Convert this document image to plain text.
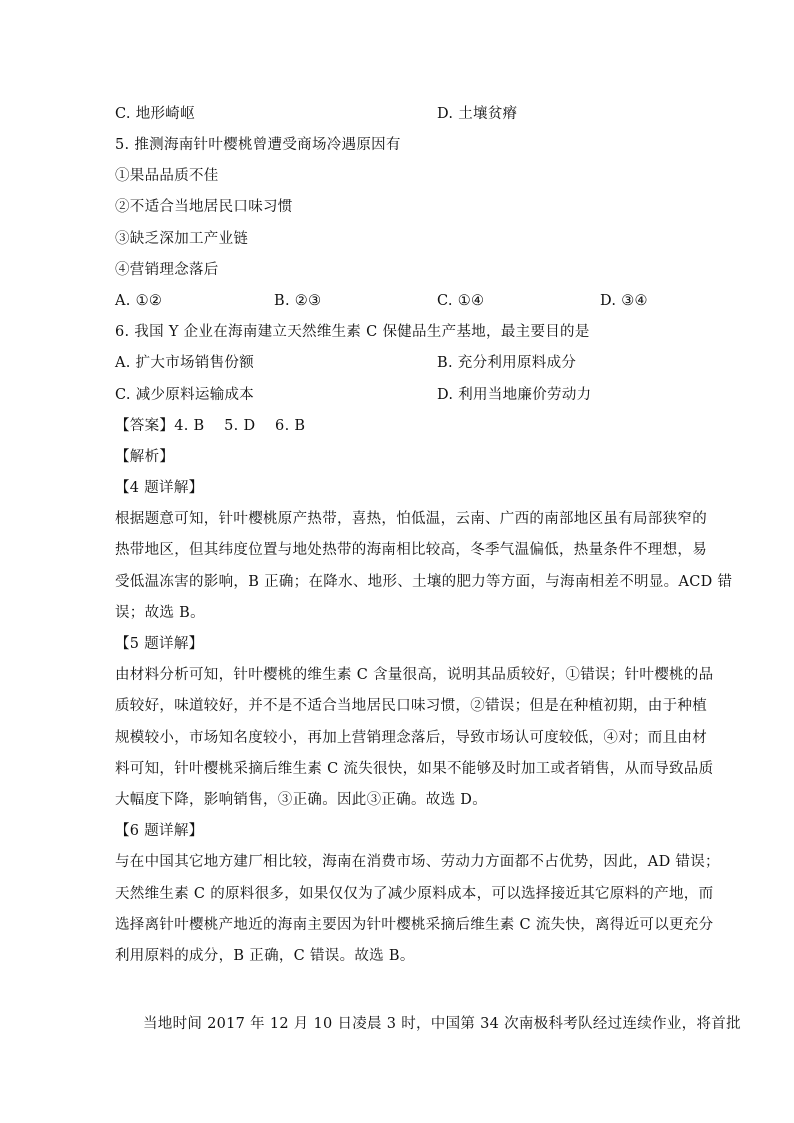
C. 地形崎岖	D. 土壤贫瘠
5. 推测海南针叶樱桃曾遭受商场冷遇原因有
①果品品质不佳
②不适合当地居民口味习惯
③缺乏深加工产业链
④营销理念落后
A. ①②	B. ②③	C. ①④	D. ③④
6. 我国 Y 企业在海南建立天然维生素 C 保健品生产基地，最主要目的是
A. 扩大市场销售份额	B. 充分利用原料成分
C. 减少原料运输成本	D. 利用当地廉价劳动力
【答案】4. B    5. D    6. B
【解析】
【4 题详解】
根据题意可知，针叶樱桃原产热带，喜热，怕低温，云南、广西的南部地区虽有局部狭窄的
热带地区，但其纬度位置与地处热带的海南相比较高，冬季气温偏低，热量条件不理想，易
受低温冻害的影响，B 正确；在降水、地形、土壤的肥力等方面，与海南相差不明显。ACD 错
误；故选 B。
【5 题详解】
由材料分析可知，针叶樱桃的维生素 C 含量很高，说明其品质较好，①错误；针叶樱桃的品
质较好，味道较好，并不是不适合当地居民口味习惯，②错误；但是在种植初期，由于种植
规模较小，市场知名度较小，再加上营销理念落后，导致市场认可度较低，④对；而且由材
料可知，针叶樱桃采摘后维生素 C 流失很快，如果不能够及时加工或者销售，从而导致品质
大幅度下降，影响销售，③正确。因此③正确。故选 D。
【6 题详解】
与在中国其它地方建厂相比较，海南在消费市场、劳动力方面都不占优势，因此，AD 错误；
天然维生素 C 的原料很多，如果仅仅为了减少原料成本，可以选择接近其它原料的产地，而
选择离针叶樱桃产地近的海南主要因为针叶樱桃采摘后维生素 C 流失快，离得近可以更充分
利用原料的成分，B 正确，C 错误。故选 B。
当地时间 2017 年 12 月 10 日凌晨 3 时，中国第 34 次南极科考队经过连续作业，将首批
